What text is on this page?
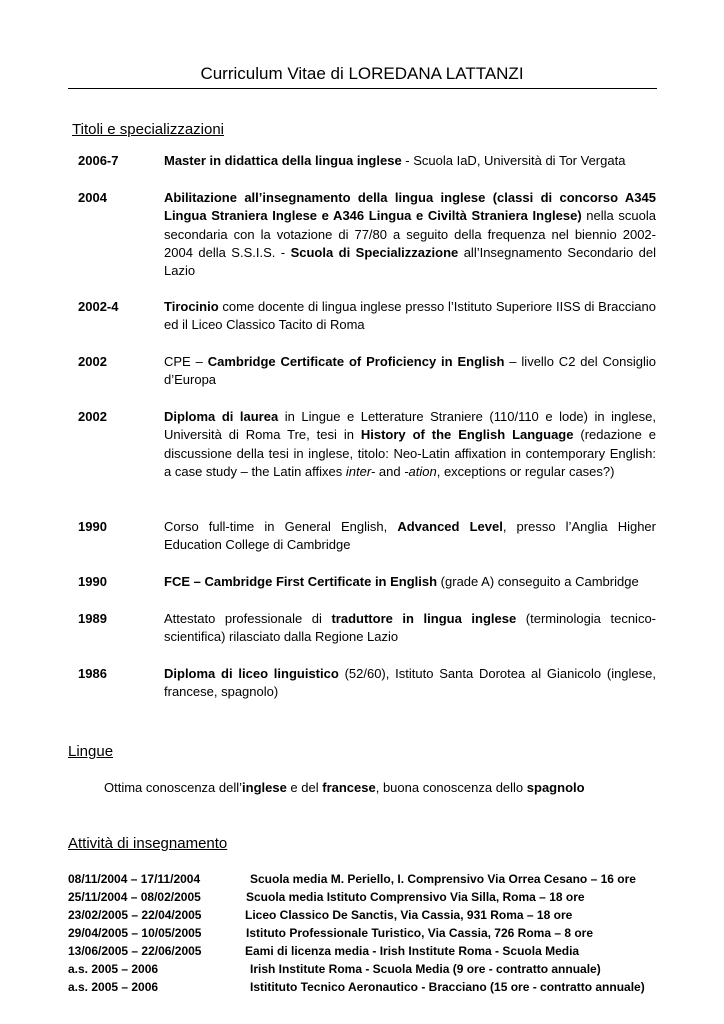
Curriculum Vitae di LOREDANA LATTANZI
Titoli e specializzazioni
2006-7	Master in didattica della lingua inglese - Scuola IaD, Università di Tor Vergata
2004	Abilitazione all’insegnamento della lingua inglese (classi di concorso A345 Lingua Straniera Inglese e A346 Lingua e Civiltà Straniera Inglese) nella scuola secondaria con la votazione di 77/80 a seguito della frequenza nel biennio 2002-2004 della S.S.I.S. - Scuola di Specializzazione all’Insegnamento Secondario del Lazio
2002-4	Tirocinio come docente di lingua inglese presso l’Istituto Superiore IISS di Bracciano ed il Liceo Classico Tacito di Roma
2002	CPE – Cambridge Certificate of Proficiency in English – livello C2 del Consiglio d’Europa
2002	Diploma di laurea in Lingue e Letterature Straniere (110/110 e lode) in inglese, Università di Roma Tre, tesi in History of the English Language (redazione e discussione della tesi in inglese, titolo: Neo-Latin affixation in contemporary English: a case study – the Latin affixes inter- and -ation, exceptions or regular cases?)
1990	Corso full-time in General English, Advanced Level, presso l’Anglia Higher Education College di Cambridge
1990	FCE – Cambridge First Certificate in English (grade A) conseguito a Cambridge
1989	Attestato professionale di traduttore in lingua inglese (terminologia tecnico-scientifica) rilasciato dalla Regione Lazio
1986	Diploma di liceo linguistico (52/60), Istituto Santa Dorotea al Gianicolo (inglese, francese, spagnolo)
Lingue
Ottima conoscenza dell’inglese e del francese, buona conoscenza dello spagnolo
Attività di insegnamento
08/11/2004 – 17/11/2004	Scuola media M. Periello, I. Comprensivo Via Orrea Cesano – 16 ore
25/11/2004 – 08/02/2005	Scuola media Istituto Comprensivo Via Silla, Roma – 18 ore
23/02/2005 – 22/04/2005	Liceo Classico De Sanctis, Via Cassia, 931 Roma – 18 ore
29/04/2005 – 10/05/2005	Istituto Professionale Turistico, Via Cassia, 726 Roma – 8 ore
13/06/2005 – 22/06/2005	Eami di licenza media - Irish Institute Roma - Scuola Media
a.s. 2005 – 2006	Irish Institute Roma - Scuola Media (9 ore - contratto annuale)
a.s. 2005 – 2006	Istitituto Tecnico Aeronautico - Bracciano (15 ore - contratto annuale)
